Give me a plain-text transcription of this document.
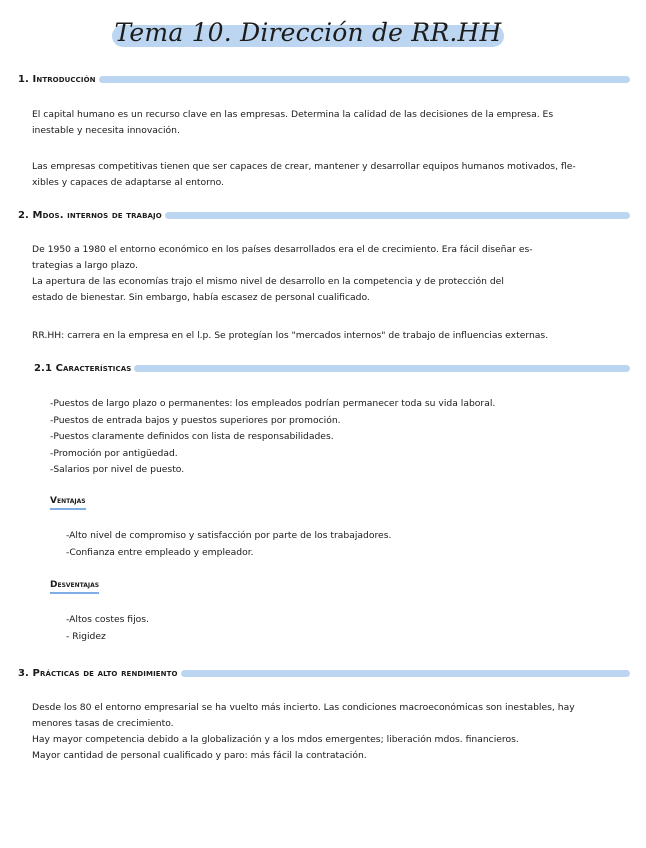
Tema 10. Dirección de RR.HH
1. Introducción
El capital humano es un recurso clave en las empresas. Determina la calidad de las decisiones de la empresa. Es
inestable y necesita innovación.
Las empresas competitivas tienen que ser capaces de crear, mantener y desarrollar equipos humanos motivados, fle-
xibles y capaces de adaptarse al entorno.
2. Mdos. internos de trabajo
De 1950 a 1980 el entorno económico en los países desarrollados era el de crecimiento. Era fácil diseñar es-
trategias a largo plazo.
La apertura de las economías trajo el mismo nivel de desarrollo en la competencia y de protección del
estado de bienestar. Sin embargo, había escasez de personal cualificado.
RR.HH: carrera en la empresa en el l.p. Se protegían los "mercados internos" de trabajo de influencias externas.
2.1 Características
-Puestos de largo plazo o permanentes: los empleados podrían permanecer toda su vida laboral.
-Puestos de entrada bajos y puestos superiores por promoción.
-Puestos claramente definidos con lista de responsabilidades.
-Promoción por antigüedad.
-Salarios por nivel de puesto.
Ventajas
-Alto nivel de compromiso y satisfacción por parte de los trabajadores.
-Confianza entre empleado y empleador.
Desventajas
-Altos costes fijos.
- Rigidez
3. Prácticas de alto rendimiento
Desde los 80 el entorno empresarial se ha vuelto más incierto. Las condiciones macroeconómicas son inestables, hay
menores tasas de crecimiento.
Hay mayor competencia debido a la globalización y a los mdos emergentes; liberación mdos. financieros.
Mayor cantidad de personal cualificado y paro: más fácil la contratación.
